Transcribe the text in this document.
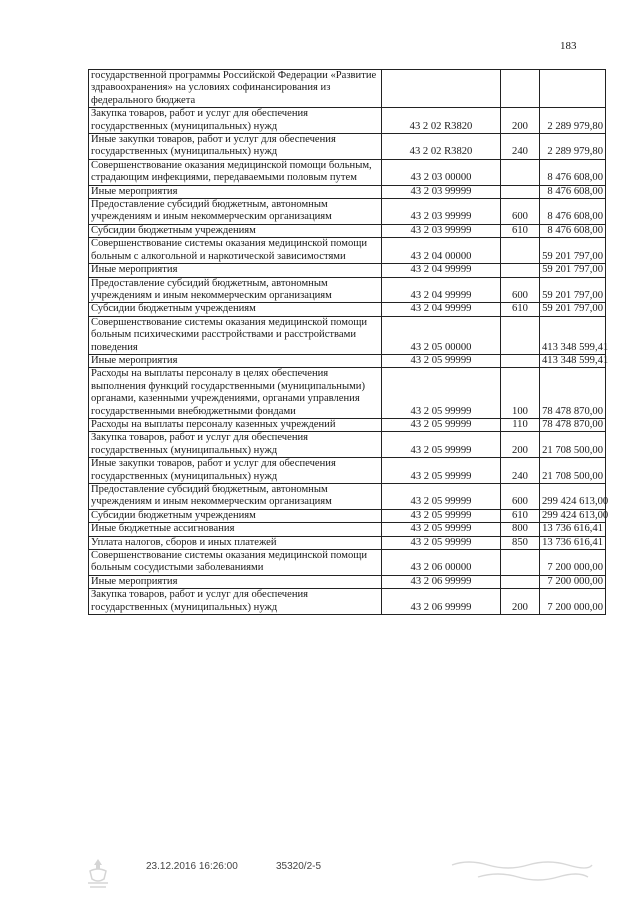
183
государственной программы Российской Федерации «Развитие здравоохранения» на условиях софинансирования из федерального бюджета			
Закупка товаров, работ и услуг для обеспечения государственных (муниципальных) нужд	43 2 02 R3820	200	2 289 979,80
Иные закупки товаров, работ и услуг для обеспечения государственных (муниципальных) нужд	43 2 02 R3820	240	2 289 979,80
Совершенствование оказания медицинской помощи больным, страдающим инфекциями, передаваемыми половым путем	43 2 03 00000		8 476 608,00
Иные мероприятия	43 2 03 99999		8 476 608,00
Предоставление субсидий бюджетным, автономным учреждениям и иным некоммерческим организациям	43 2 03 99999	600	8 476 608,00
Субсидии бюджетным учреждениям	43 2 03 99999	610	8 476 608,00
Совершенствование системы оказания медицинской помощи больным с алкогольной и наркотической зависимостями	43 2 04 00000		59 201 797,00
Иные мероприятия	43 2 04 99999		59 201 797,00
Предоставление субсидий бюджетным, автономным учреждениям и иным некоммерческим организациям	43 2 04 99999	600	59 201 797,00
Субсидии бюджетным учреждениям	43 2 04 99999	610	59 201 797,00
Совершенствование системы оказания медицинской помощи больным психическими расстройствами и расстройствами поведения	43 2 05 00000		413 348 599,41
Иные мероприятия	43 2 05 99999		413 348 599,41
Расходы на выплаты персоналу в целях обеспечения выполнения функций государственными (муниципальными) органами, казенными учреждениями, органами управления государственными внебюджетными фондами	43 2 05 99999	100	78 478 870,00
Расходы на выплаты персоналу казенных учреждений	43 2 05 99999	110	78 478 870,00
Закупка товаров, работ и услуг для обеспечения государственных (муниципальных) нужд	43 2 05 99999	200	21 708 500,00
Иные закупки товаров, работ и услуг для обеспечения государственных (муниципальных) нужд	43 2 05 99999	240	21 708 500,00
Предоставление субсидий бюджетным, автономным учреждениям и иным некоммерческим организациям	43 2 05 99999	600	299 424 613,00
Субсидии бюджетным учреждениям	43 2 05 99999	610	299 424 613,00
Иные бюджетные ассигнования	43 2 05 99999	800	13 736 616,41
Уплата налогов, сборов и иных платежей	43 2 05 99999	850	13 736 616,41
Совершенствование системы оказания медицинской помощи больным сосудистыми заболеваниями	43 2 06 00000		7 200 000,00
Иные мероприятия	43 2 06 99999		7 200 000,00
Закупка товаров, работ и услуг для обеспечения государственных (муниципальных) нужд	43 2 06 99999	200	7 200 000,00
23.12.2016 16:26:00	35320/2-5
